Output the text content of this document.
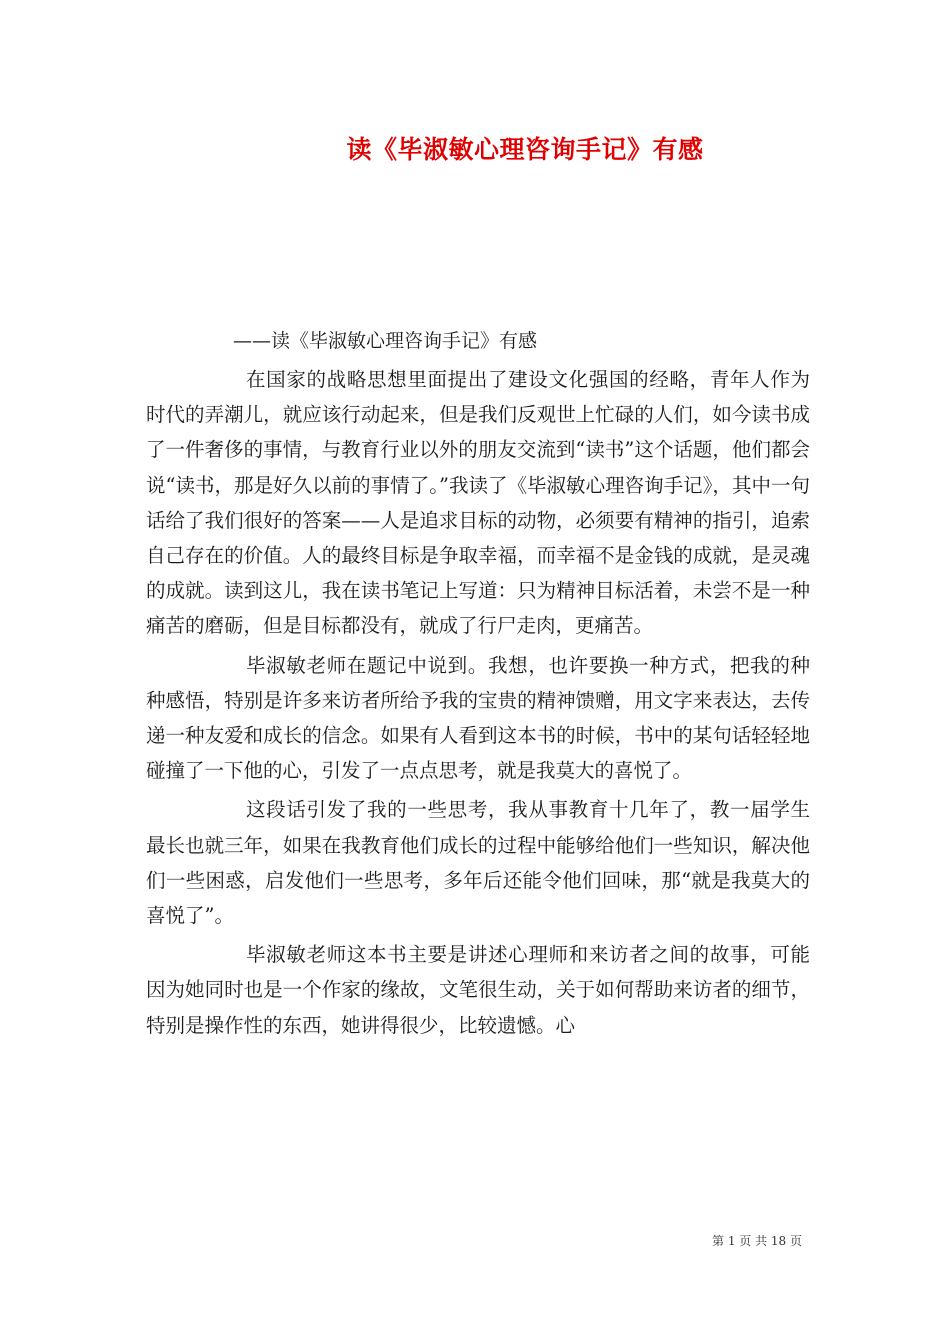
读《毕淑敏心理咨询手记》有感
——读《毕淑敏心理咨询手记》有感

在国家的战略思想里面提出了建设文化强国的经略，青年人作为时代的弄潮儿，就应该行动起来，但是我们反观世上忙碌的人们，如今读书成了一件奢侈的事情，与教育行业以外的朋友交流到“读书”这个话题，他们都会说“读书，那是好久以前的事情了。”我读了《毕淑敏心理咨询手记》，其中一句话给了我们很好的答案——人是追求目标的动物，必须要有精神的指引，追索自己存在的价值。人的最终目标是争取幸福，而幸福不是金钱的成就，是灵魂的成就。读到这儿，我在读书笔记上写道：只为精神目标活着，未尝不是一种痛苦的磨砺，但是目标都没有，就成了行尸走肉，更痛苦。

毕淑敏老师在题记中说到。我想，也许要换一种方式，把我的种种感悟，特别是许多来访者所给予我的宝贵的精神馈赠，用文字来表达，去传递一种友爱和成长的信念。如果有人看到这本书的时候，书中的某句话轻轻地碰撞了一下他的心，引发了一点点思考，就是我莫大的喜悦了。

这段话引发了我的一些思考，我从事教育十几年了，教一届学生最长也就三年，如果在我教育他们成长的过程中能够给他们一些知识，解决他们一些困惑，启发他们一些思考，多年后还能令他们回味，那“就是我莫大的喜悦了”。

毕淑敏老师这本书主要是讲述心理师和来访者之间的故事，可能因为她同时也是一个作家的缘故，文笔很生动，关于如何帮助来访者的细节，特别是操作性的东西，她讲得很少，比较遗憾。心

第 1 页 共 18 页
